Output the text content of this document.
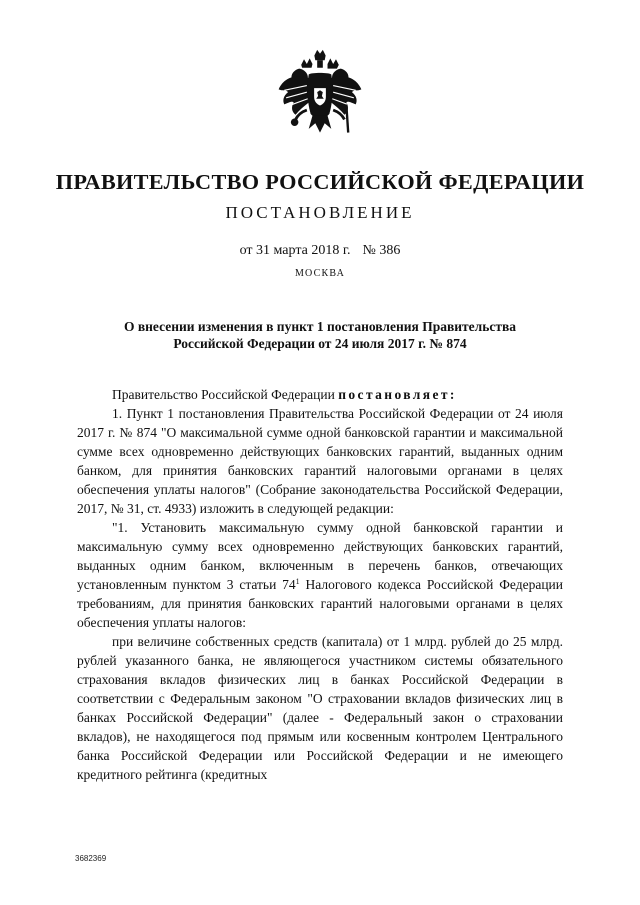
ПРАВИТЕЛЬСТВО РОССИЙСКОЙ ФЕДЕРАЦИИ
ПОСТАНОВЛЕНИЕ
от 31 марта 2018 г. № 386
МОСКВА
О внесении изменения в пункт 1 постановления Правительства
Российской Федерации от 24 июля 2017 г. № 874

Правительство Российской Федерации постановляет:

1. Пункт 1 постановления Правительства Российской Федерации от 24 июля 2017 г. № 874 "О максимальной сумме одной банковской гарантии и максимальной сумме всех одновременно действующих банковских гарантий, выданных одним банком, для принятия банковских гарантий налоговыми органами в целях обеспечения уплаты налогов" (Собрание законодательства Российской Федерации, 2017, № 31, ст. 4933) изложить в следующей редакции:

"1. Установить максимальную сумму одной банковской гарантии и максимальную сумму всех одновременно действующих банковских гарантий, выданных одним банком, включенным в перечень банков, отвечающих установленным пунктом 3 статьи $74^1$ Налогового кодекса Российской Федерации требованиям, для принятия банковских гарантий налоговыми органами в целях обеспечения уплаты налогов:

при величине собственных средств (капитала) от 1 млрд. рублей до 25 млрд. рублей указанного банка, не являющегося участником системы обязательного страхования вкладов физических лиц в банках Российской Федерации в соответствии с Федеральным законом "О страховании вкладов физических лиц в банках Российской Федерации" (далее - Федеральный закон о страховании вкладов), не находящегося под прямым или косвенным контролем Центрального банка Российской Федерации или Российской Федерации и не имеющего кредитного рейтинга (кредитных

3682369
